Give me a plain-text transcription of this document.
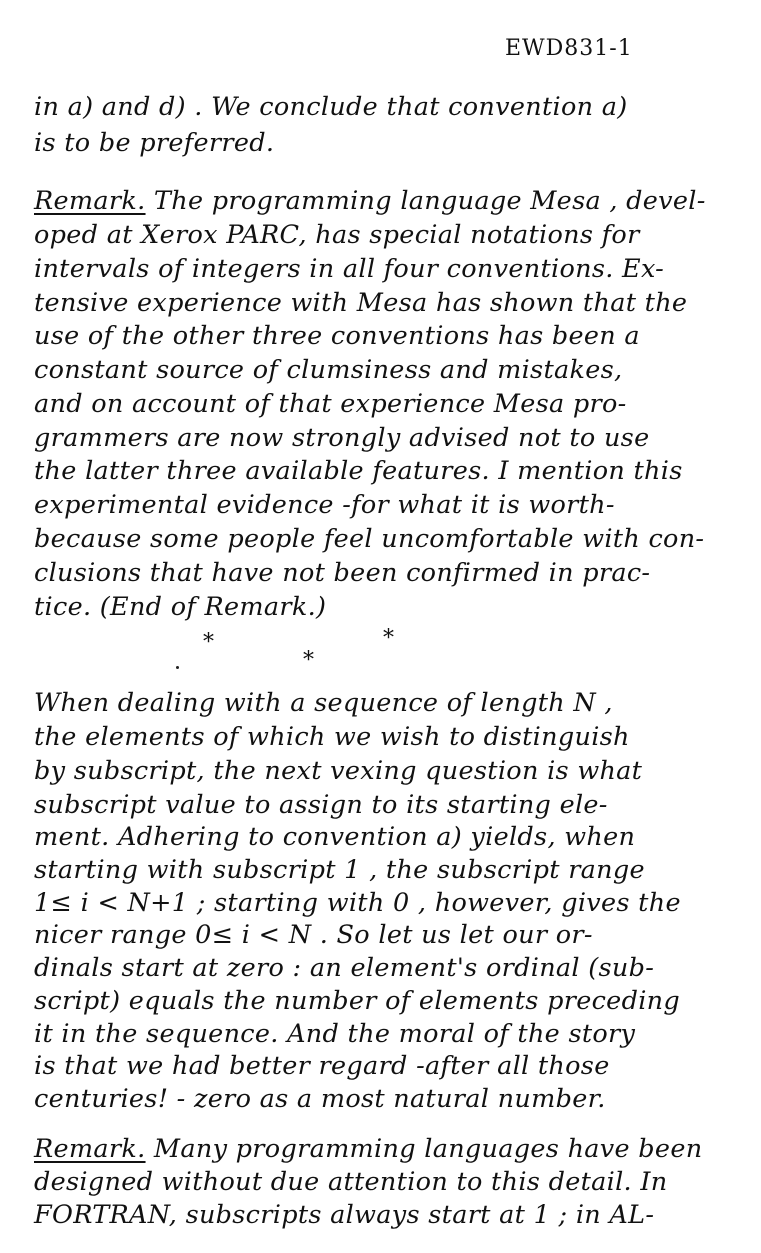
EWD831-1
in a) and d) . We conclude that convention a)
is to be preferred.
Remark. The programming language Mesa , devel-
oped at Xerox PARC, has special notations for
intervals of integers in all four conventions. Ex-
tensive experience with Mesa has shown that the
use of the other three conventions has been a
constant source of clumsiness and mistakes,
and on account of that experience Mesa pro-
grammers are now strongly advised not to use
the latter three available features. I mention this
experimental evidence -for what it is worth-
because some people feel uncomfortable with con-
clusions that have not been confirmed in prac-
tice. (End of Remark.)
*	*
*
When dealing with a sequence of length N ,
the elements of which we wish to distinguish
by subscript, the next vexing question is what
subscript value to assign to its starting ele-
ment. Adhering to convention a) yields, when
starting with subscript 1 , the subscript range
1≤ i < N+1 ; starting with 0 , however, gives the
nicer range 0≤ i < N . So let us let our or-
dinals start at zero : an element's ordinal (sub-
script) equals the number of elements preceding
it in the sequence. And the moral of the story
is that we had better regard -after all those
centuries! - zero as a most natural number.
Remark. Many programming languages have been
designed without due attention to this detail. In
FORTRAN, subscripts always start at 1 ; in AL-
